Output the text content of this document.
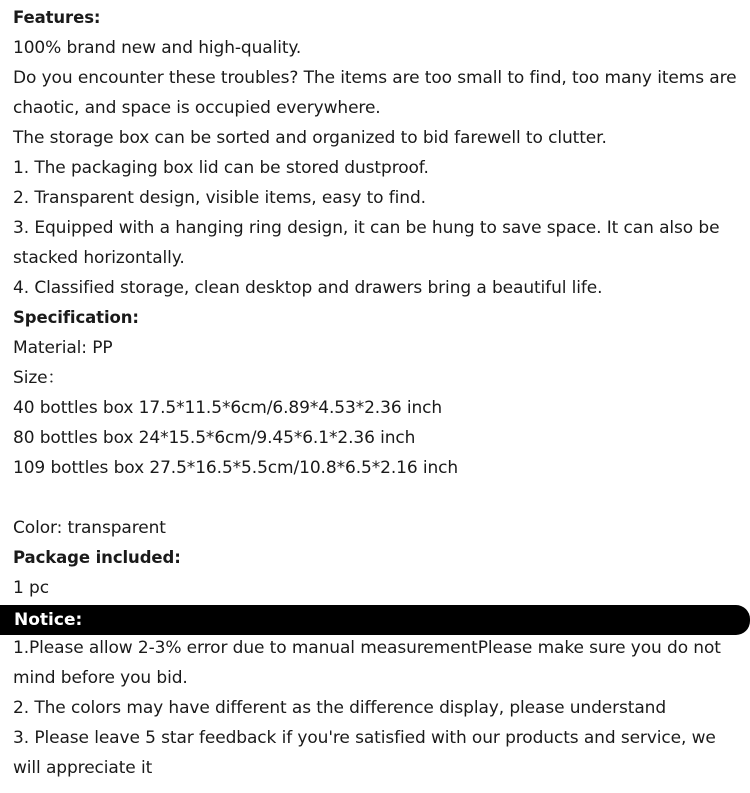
Features:
100% brand new and high-quality.
Do you encounter these troubles? The items are too small to find, too many items are chaotic, and space is occupied everywhere.
The storage box can be sorted and organized to bid farewell to clutter.
1. The packaging box lid can be stored dustproof.
2. Transparent design, visible items, easy to find.
3. Equipped with a hanging ring design, it can be hung to save space. It can also be stacked horizontally.
4. Classified storage, clean desktop and drawers bring a beautiful life.
Specification:
Material: PP
Size：
40 bottles box 17.5*11.5*6cm/6.89*4.53*2.36 inch
80 bottles box 24*15.5*6cm/9.45*6.1*2.36 inch
109 bottles box 27.5*16.5*5.5cm/10.8*6.5*2.16 inch
Color: transparent
Package included:
1 pc
Notice:
1.Please allow 2-3% error due to manual measurementPlease make sure you do not mind before you bid.
2. The colors may have different as the difference display, please understand
3. Please leave 5 star feedback if you're satisfied with our products and service, we will appreciate it
